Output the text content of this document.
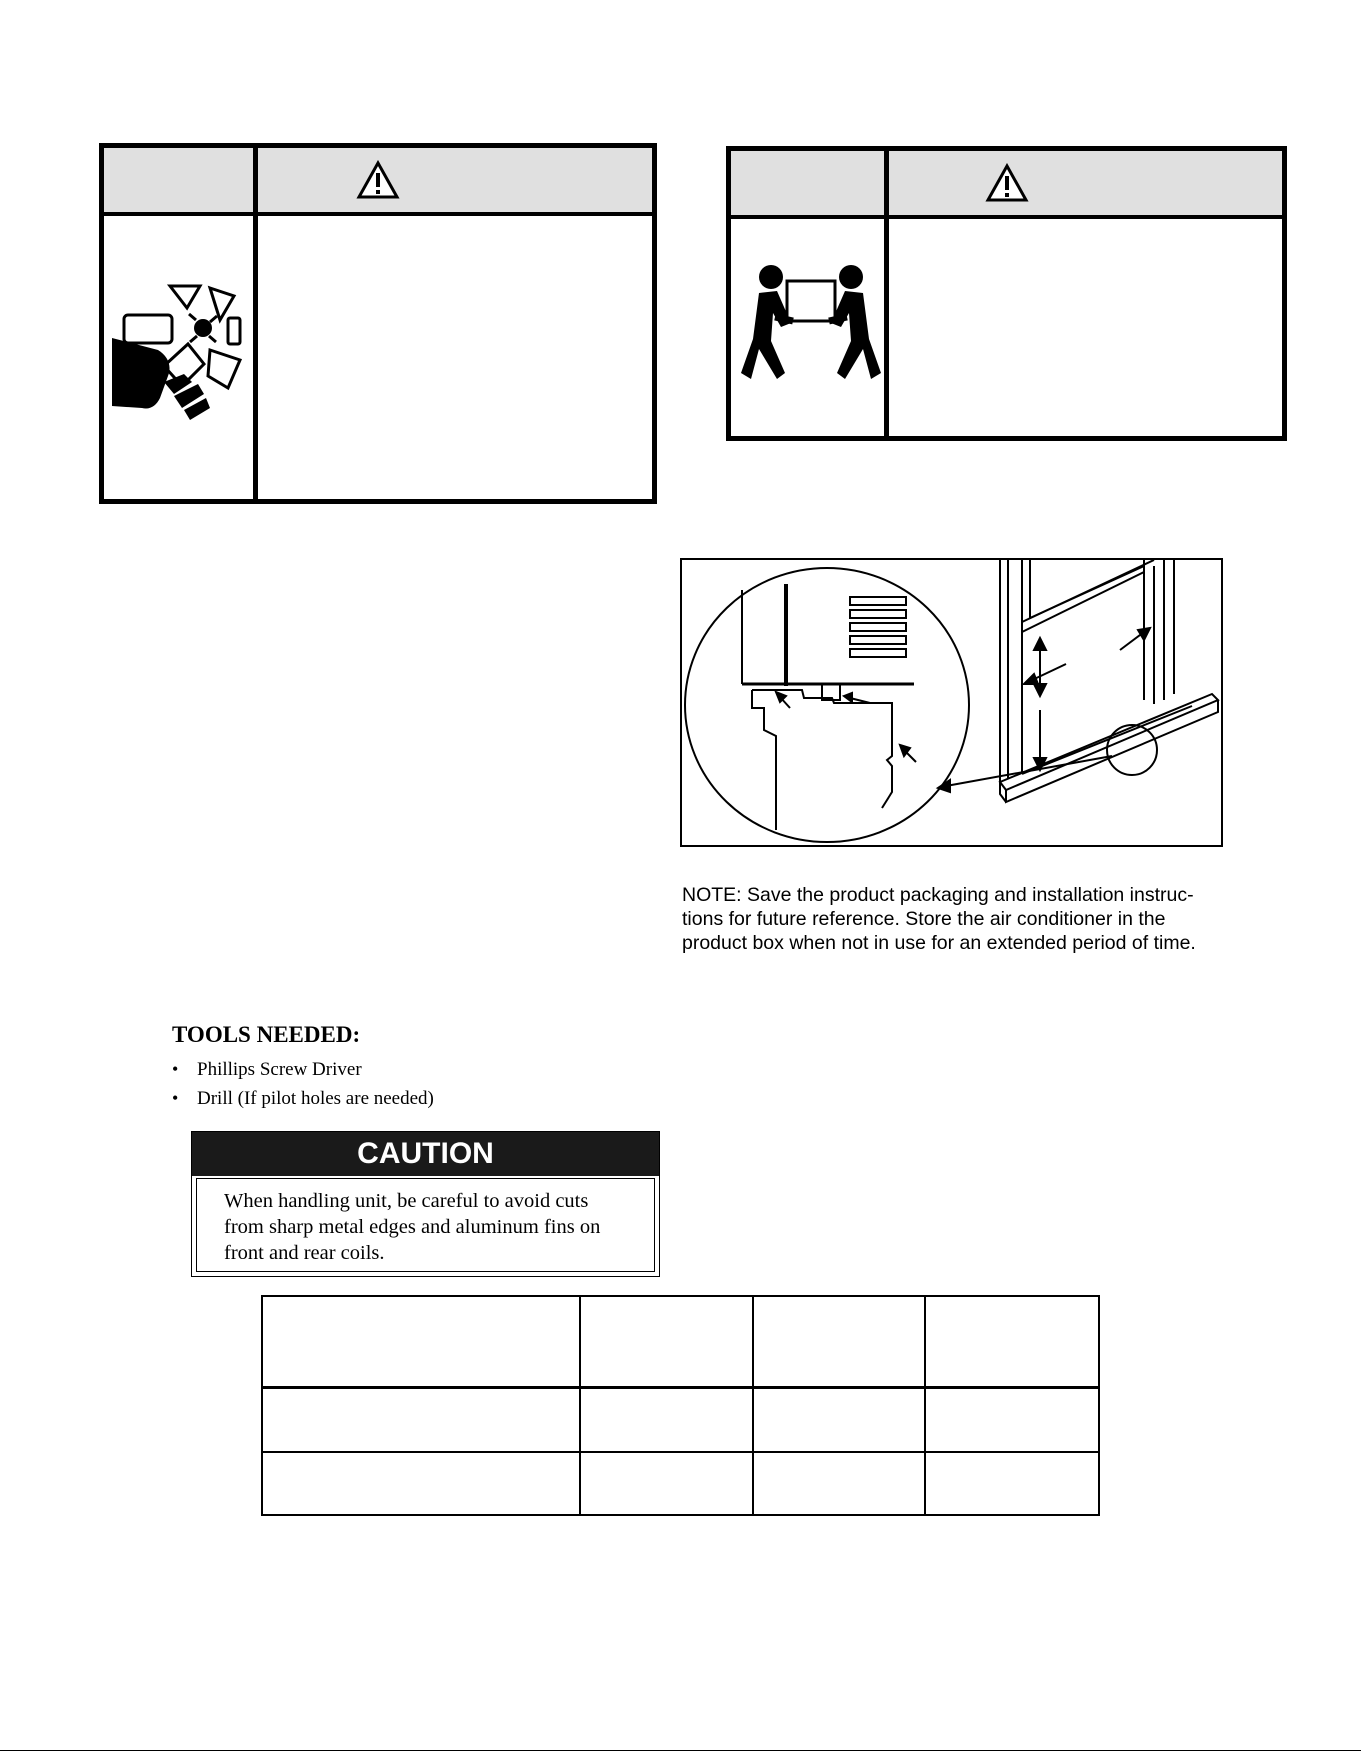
NOTE: Save the product packaging and installation instruc-
tions for future reference. Store the air conditioner in the
product box when not in use for an extended period of time.
TOOLS NEEDED:
• Phillips Screw Driver
• Drill (If pilot holes are needed)
CAUTION
When handling unit, be careful to avoid cuts
from sharp metal edges and aluminum fins on
front and rear coils.
